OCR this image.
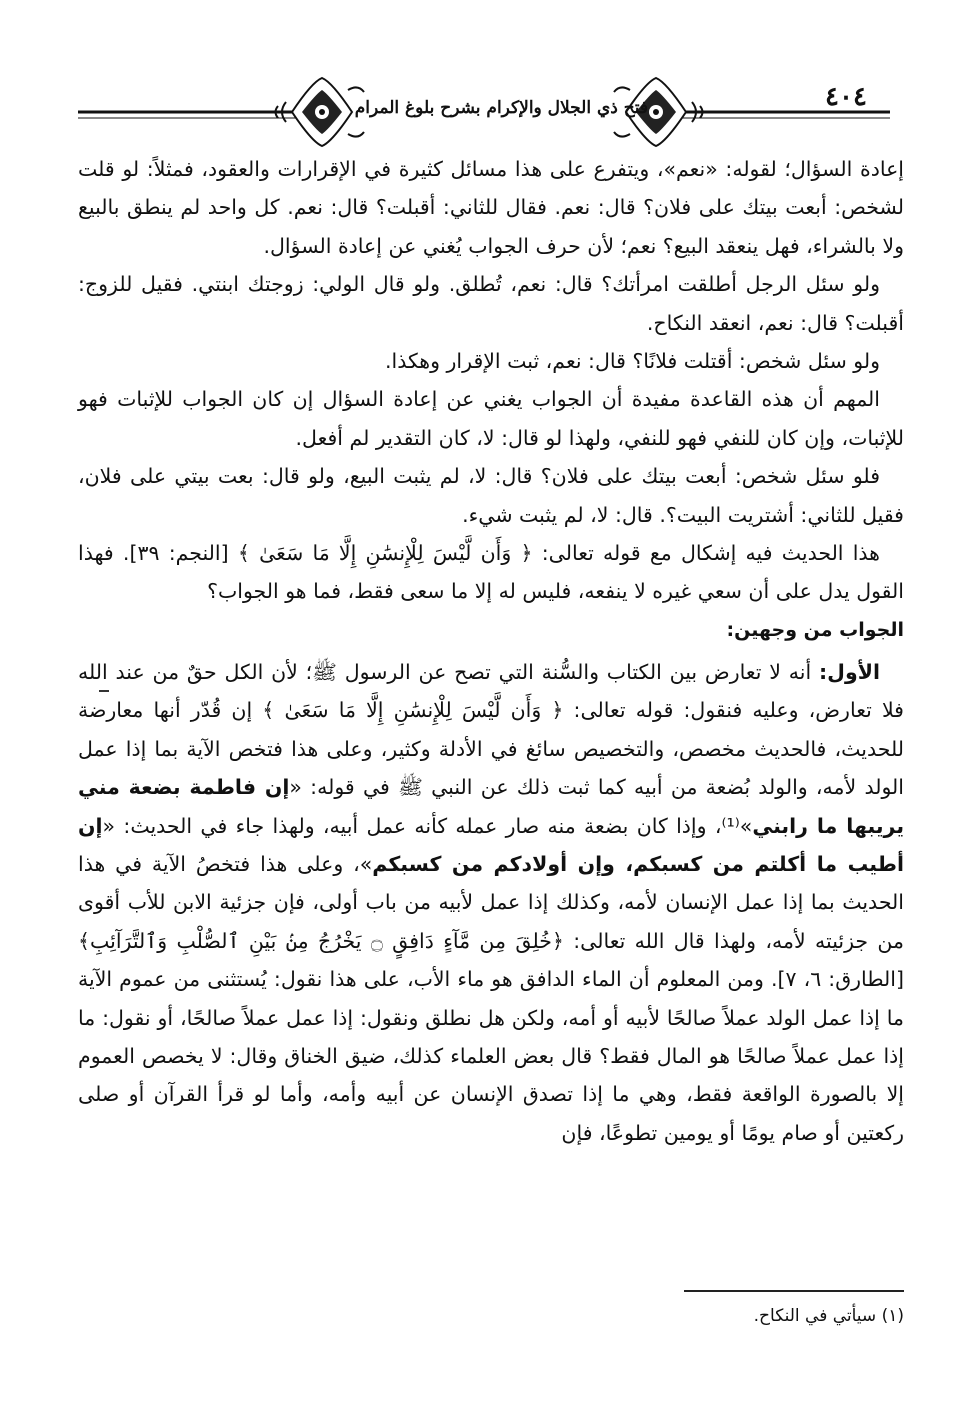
فتح ذي الجلال والإكرام بشرح بلوغ المرام	٤٠٤

إعادة السؤال؛ لقوله: «نعم»، ويتفرع على هذا مسائل كثيرة في الإقرارات والعقود، فمثلاً: لو قلت لشخص: أبعت بيتك على فلان؟ قال: نعم. فقال للثاني: أقبلت؟ قال: نعم. كل واحد لم ينطق بالبيع ولا بالشراء، فهل ينعقد البيع؟ نعم؛ لأن حرف الجواب يُغني عن إعادة السؤال.

ولو سئل الرجل أطلقت امرأتك؟ قال: نعم، تُطلق. ولو قال الولي: زوجتك ابنتي. فقيل للزوج: أقبلت؟ قال: نعم، انعقد النكاح.

ولو سئل شخص: أقتلت فلانًا؟ قال: نعم، ثبت الإقرار وهكذا.

المهم أن هذه القاعدة مفيدة أن الجواب يغني عن إعادة السؤال إن كان الجواب للإثبات فهو للإثبات، وإن كان للنفي فهو للنفي، ولهذا لو قال: لا، كان التقدير لم أفعل.

فلو سئل شخص: أبعت بيتك على فلان؟ قال: لا، لم يثبت البيع، ولو قال: بعت بيتي على فلان، فقيل للثاني: أشتريت البيت؟. قال: لا، لم يثبت شيء.

هذا الحديث فيه إشكال مع قوله تعالى: ﴿ وَأَن لَّيْسَ لِلْإِنسَٰنِ إِلَّا مَا سَعَىٰ ﴾ [النجم: ٣٩]. فهذا القول يدل على أن سعي غيره لا ينفعه، فليس له إلا ما سعى فقط، فما هو الجواب؟

الجواب من وجهين:

الأول: أنه لا تعارض بين الكتاب والسُّنة التي تصح عن الرسول ﷺ؛ لأن الكل حقٌ من عند الله فلا تعارض، وعليه فنقول: قوله تعالى: ﴿ وَأَن لَّيْسَ لِلْإِنسَٰنِ إِلَّا مَا سَعَىٰ ﴾ إن قُدّر أنها معارضة للحديث، فالحديث مخصص، والتخصيص سائغ في الأدلة وكثير، وعلى هذا فتخص الآية بما إذا عمل الولد لأمه، والولد بُضعة من أبيه كما ثبت ذلك عن النبي ﷺ في قوله: «إن فاطمة بضعة مني يريبها ما رابني»⁽¹⁾، وإذا كان بضعة منه صار عمله كأنه عمل أبيه، ولهذا جاء في الحديث: «إن أطيب ما أكلتم من كسبكم، وإن أولادكم من كسبكم»، وعلى هذا فتخصُ الآية في هذا الحديث بما إذا عمل الإنسان لأمه، وكذلك إذا عمل لأبيه من باب أولى، فإن جزئية الابن للأب أقوى من جزئيته لأمه، ولهذا قال الله تعالى: ﴿خُلِقَ مِن مَّآءٍ دَافِقٍ ۝ يَخْرُجُ مِنۢ بَيْنِ ٱلصُّلْبِ وَٱلتَّرَآئِبِ﴾ [الطارق: ٦، ٧]. ومن المعلوم أن الماء الدافق هو ماء الأب، على هذا نقول: يُستثنى من عموم الآية ما إذا عمل الولد عملاً صالحًا لأبيه أو أمه، ولكن هل نطلق ونقول: إذا عمل عملاً صالحًا، أو نقول: ما إذا عمل عملاً صالحًا هو المال فقط؟ قال بعض العلماء كذلك، ضيق الخناق وقال: لا يخصص العموم إلا بالصورة الواقعة فقط، وهي ما إذا تصدق الإنسان عن أبيه وأمه، وأما لو قرأ القرآن أو صلى ركعتين أو صام يومًا أو يومين تطوعًا، فإن

(١) سيأتي في النكاح.
